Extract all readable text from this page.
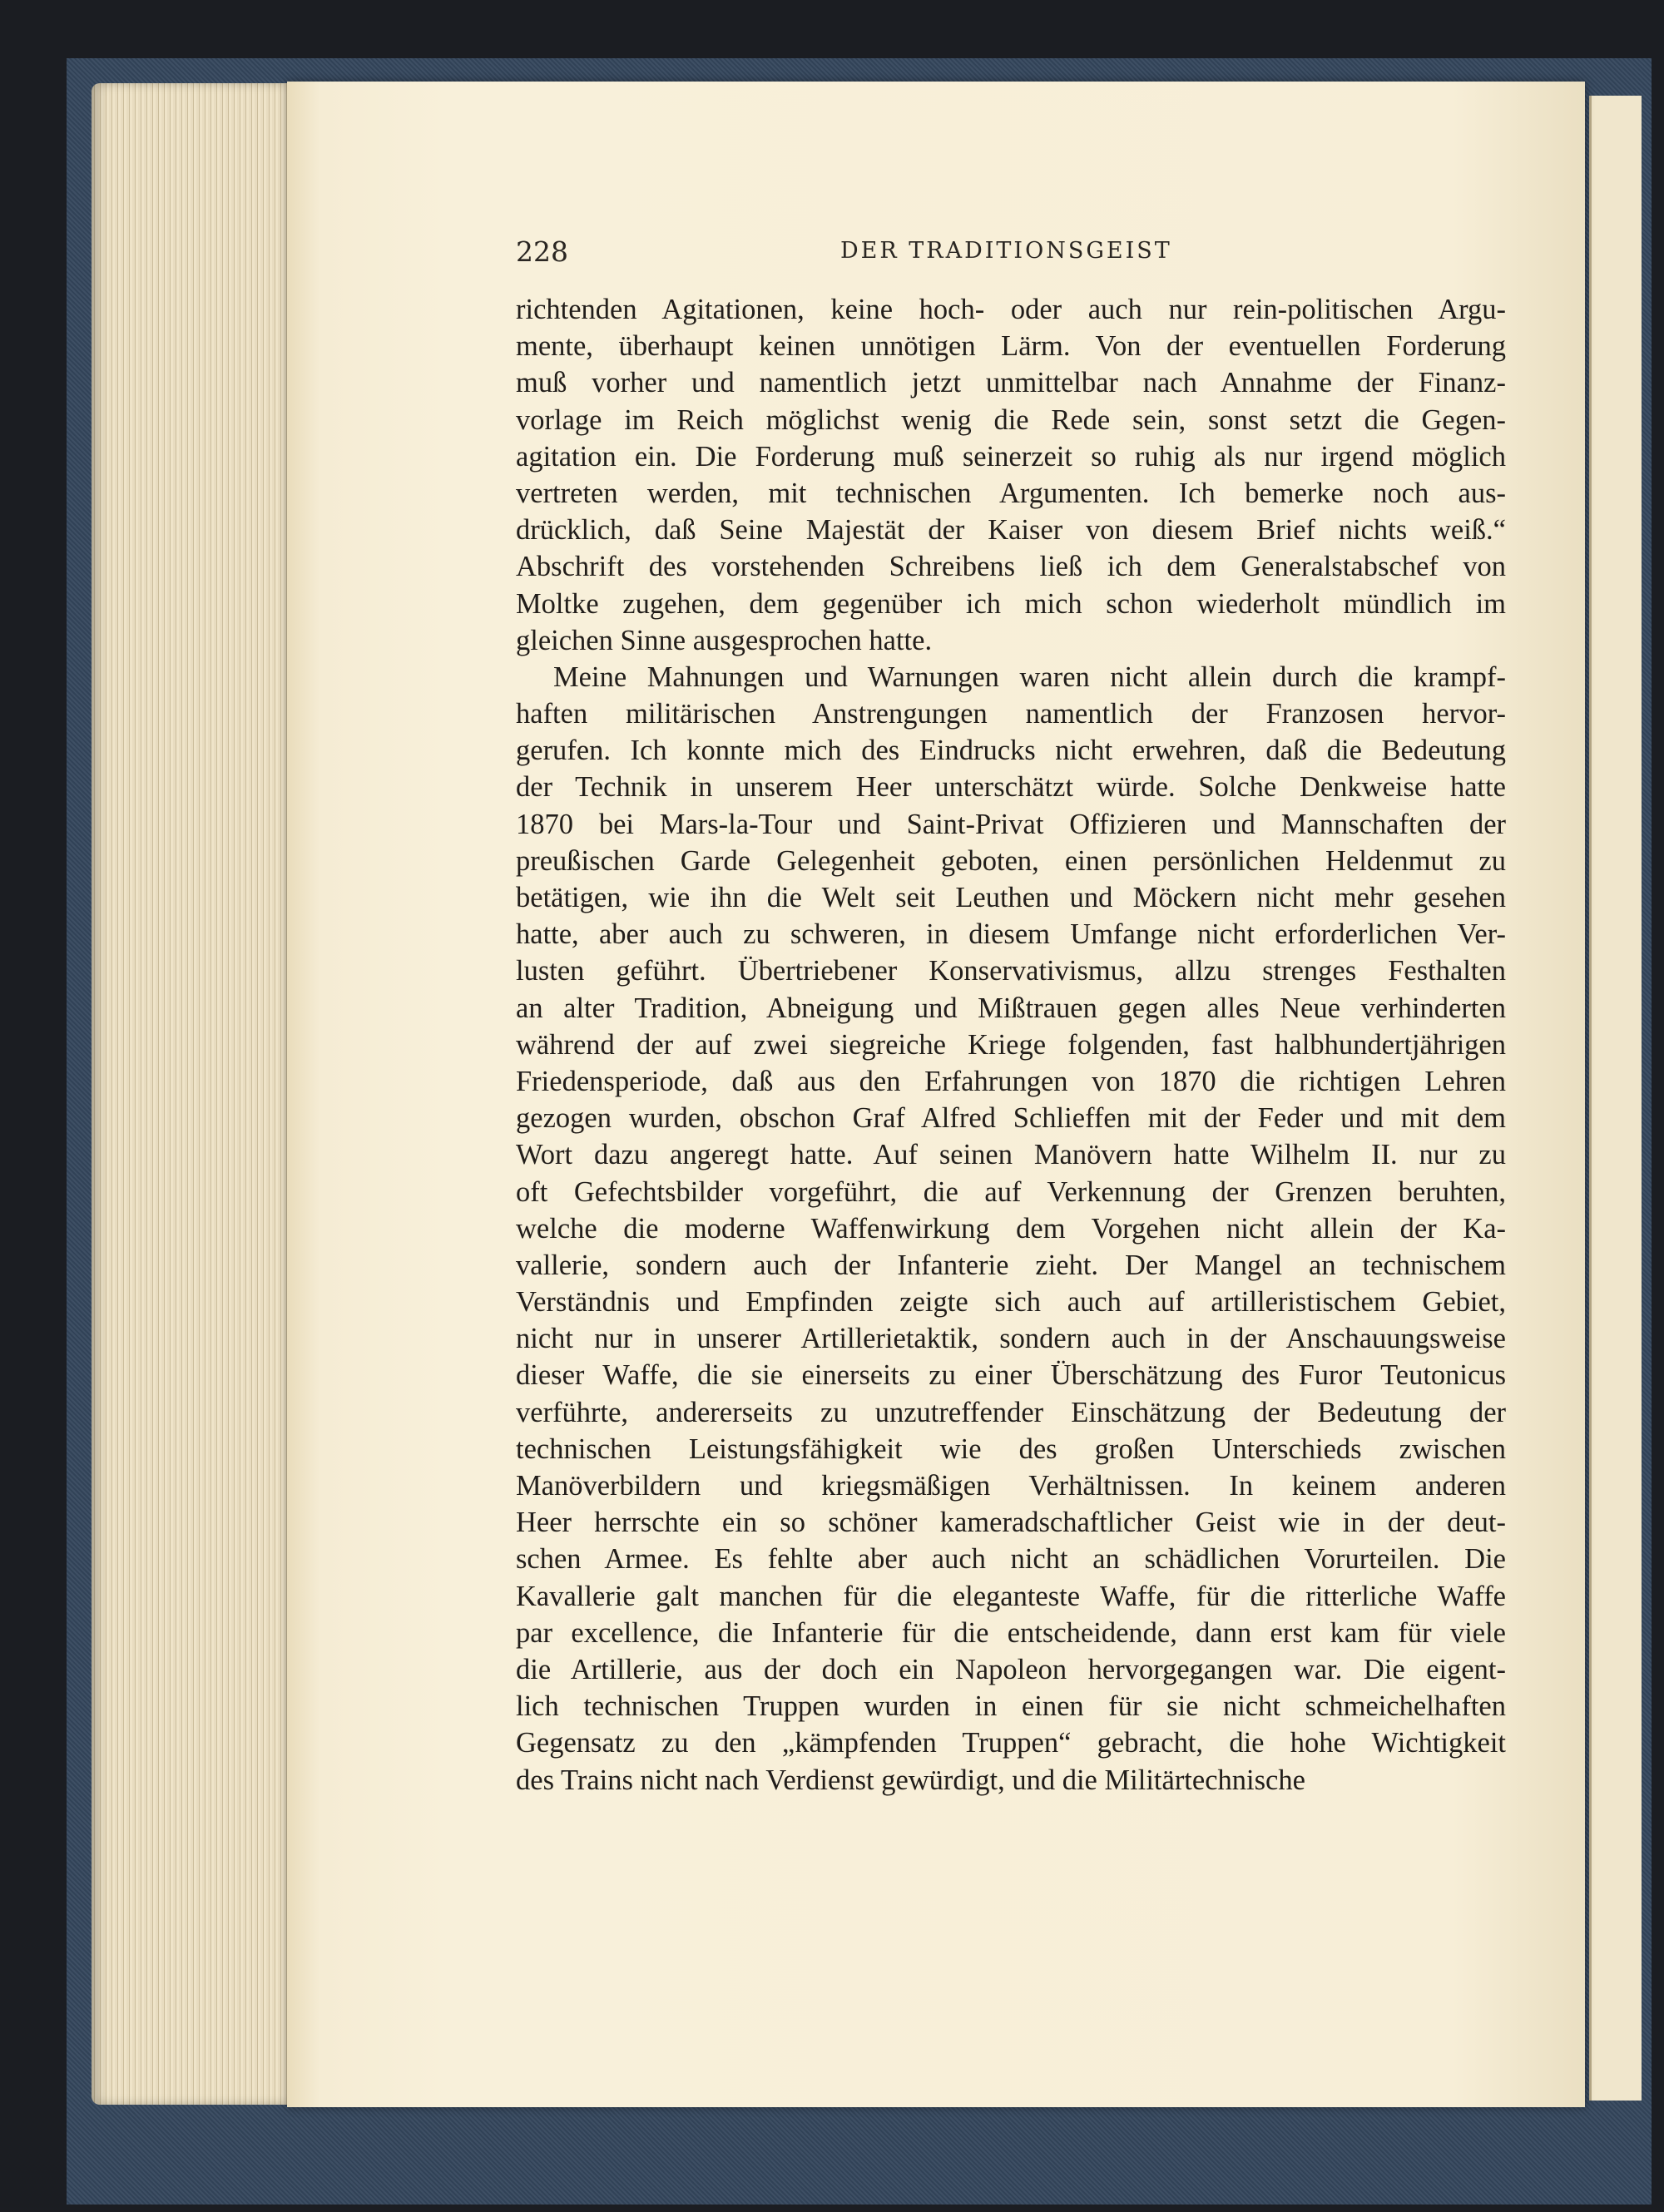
228	DER TRADITIONSGEIST
richtenden Agitationen, keine hoch- oder auch nur rein-politischen Argu-
mente, überhaupt keinen unnötigen Lärm. Von der eventuellen Forderung
muß vorher und namentlich jetzt unmittelbar nach Annahme der Finanz-
vorlage im Reich möglichst wenig die Rede sein, sonst setzt die Gegen-
agitation ein. Die Forderung muß seinerzeit so ruhig als nur irgend möglich
vertreten werden, mit technischen Argumenten. Ich bemerke noch aus-
drücklich, daß Seine Majestät der Kaiser von diesem Brief nichts weiß.“
Abschrift des vorstehenden Schreibens ließ ich dem Generalstabschef von
Moltke zugehen, dem gegenüber ich mich schon wiederholt mündlich im
gleichen Sinne ausgesprochen hatte.
Meine Mahnungen und Warnungen waren nicht allein durch die krampf-
haften militärischen Anstrengungen namentlich der Franzosen hervor-
gerufen. Ich konnte mich des Eindrucks nicht erwehren, daß die Bedeutung
der Technik in unserem Heer unterschätzt würde. Solche Denkweise hatte
1870 bei Mars-la-Tour und Saint-Privat Offizieren und Mannschaften der
preußischen Garde Gelegenheit geboten, einen persönlichen Heldenmut zu
betätigen, wie ihn die Welt seit Leuthen und Möckern nicht mehr gesehen
hatte, aber auch zu schweren, in diesem Umfange nicht erforderlichen Ver-
lusten geführt. Übertriebener Konservativismus, allzu strenges Festhalten
an alter Tradition, Abneigung und Mißtrauen gegen alles Neue verhinderten
während der auf zwei siegreiche Kriege folgenden, fast halbhundertjährigen
Friedensperiode, daß aus den Erfahrungen von 1870 die richtigen Lehren
gezogen wurden, obschon Graf Alfred Schlieffen mit der Feder und mit dem
Wort dazu angeregt hatte. Auf seinen Manövern hatte Wilhelm II. nur zu
oft Gefechtsbilder vorgeführt, die auf Verkennung der Grenzen beruhten,
welche die moderne Waffenwirkung dem Vorgehen nicht allein der Ka-
vallerie, sondern auch der Infanterie zieht. Der Mangel an technischem
Verständnis und Empfinden zeigte sich auch auf artilleristischem Gebiet,
nicht nur in unserer Artillerietaktik, sondern auch in der Anschauungsweise
dieser Waffe, die sie einerseits zu einer Überschätzung des Furor Teutonicus
verführte, andererseits zu unzutreffender Einschätzung der Bedeutung der
technischen Leistungsfähigkeit wie des großen Unterschieds zwischen
Manöverbildern und kriegsmäßigen Verhältnissen. In keinem anderen
Heer herrschte ein so schöner kameradschaftlicher Geist wie in der deut-
schen Armee. Es fehlte aber auch nicht an schädlichen Vorurteilen. Die
Kavallerie galt manchen für die eleganteste Waffe, für die ritterliche Waffe
par excellence, die Infanterie für die entscheidende, dann erst kam für viele
die Artillerie, aus der doch ein Napoleon hervorgegangen war. Die eigent-
lich technischen Truppen wurden in einen für sie nicht schmeichelhaften
Gegensatz zu den „kämpfenden Truppen“ gebracht, die hohe Wichtigkeit
des Trains nicht nach Verdienst gewürdigt, und die Militärtechnische
